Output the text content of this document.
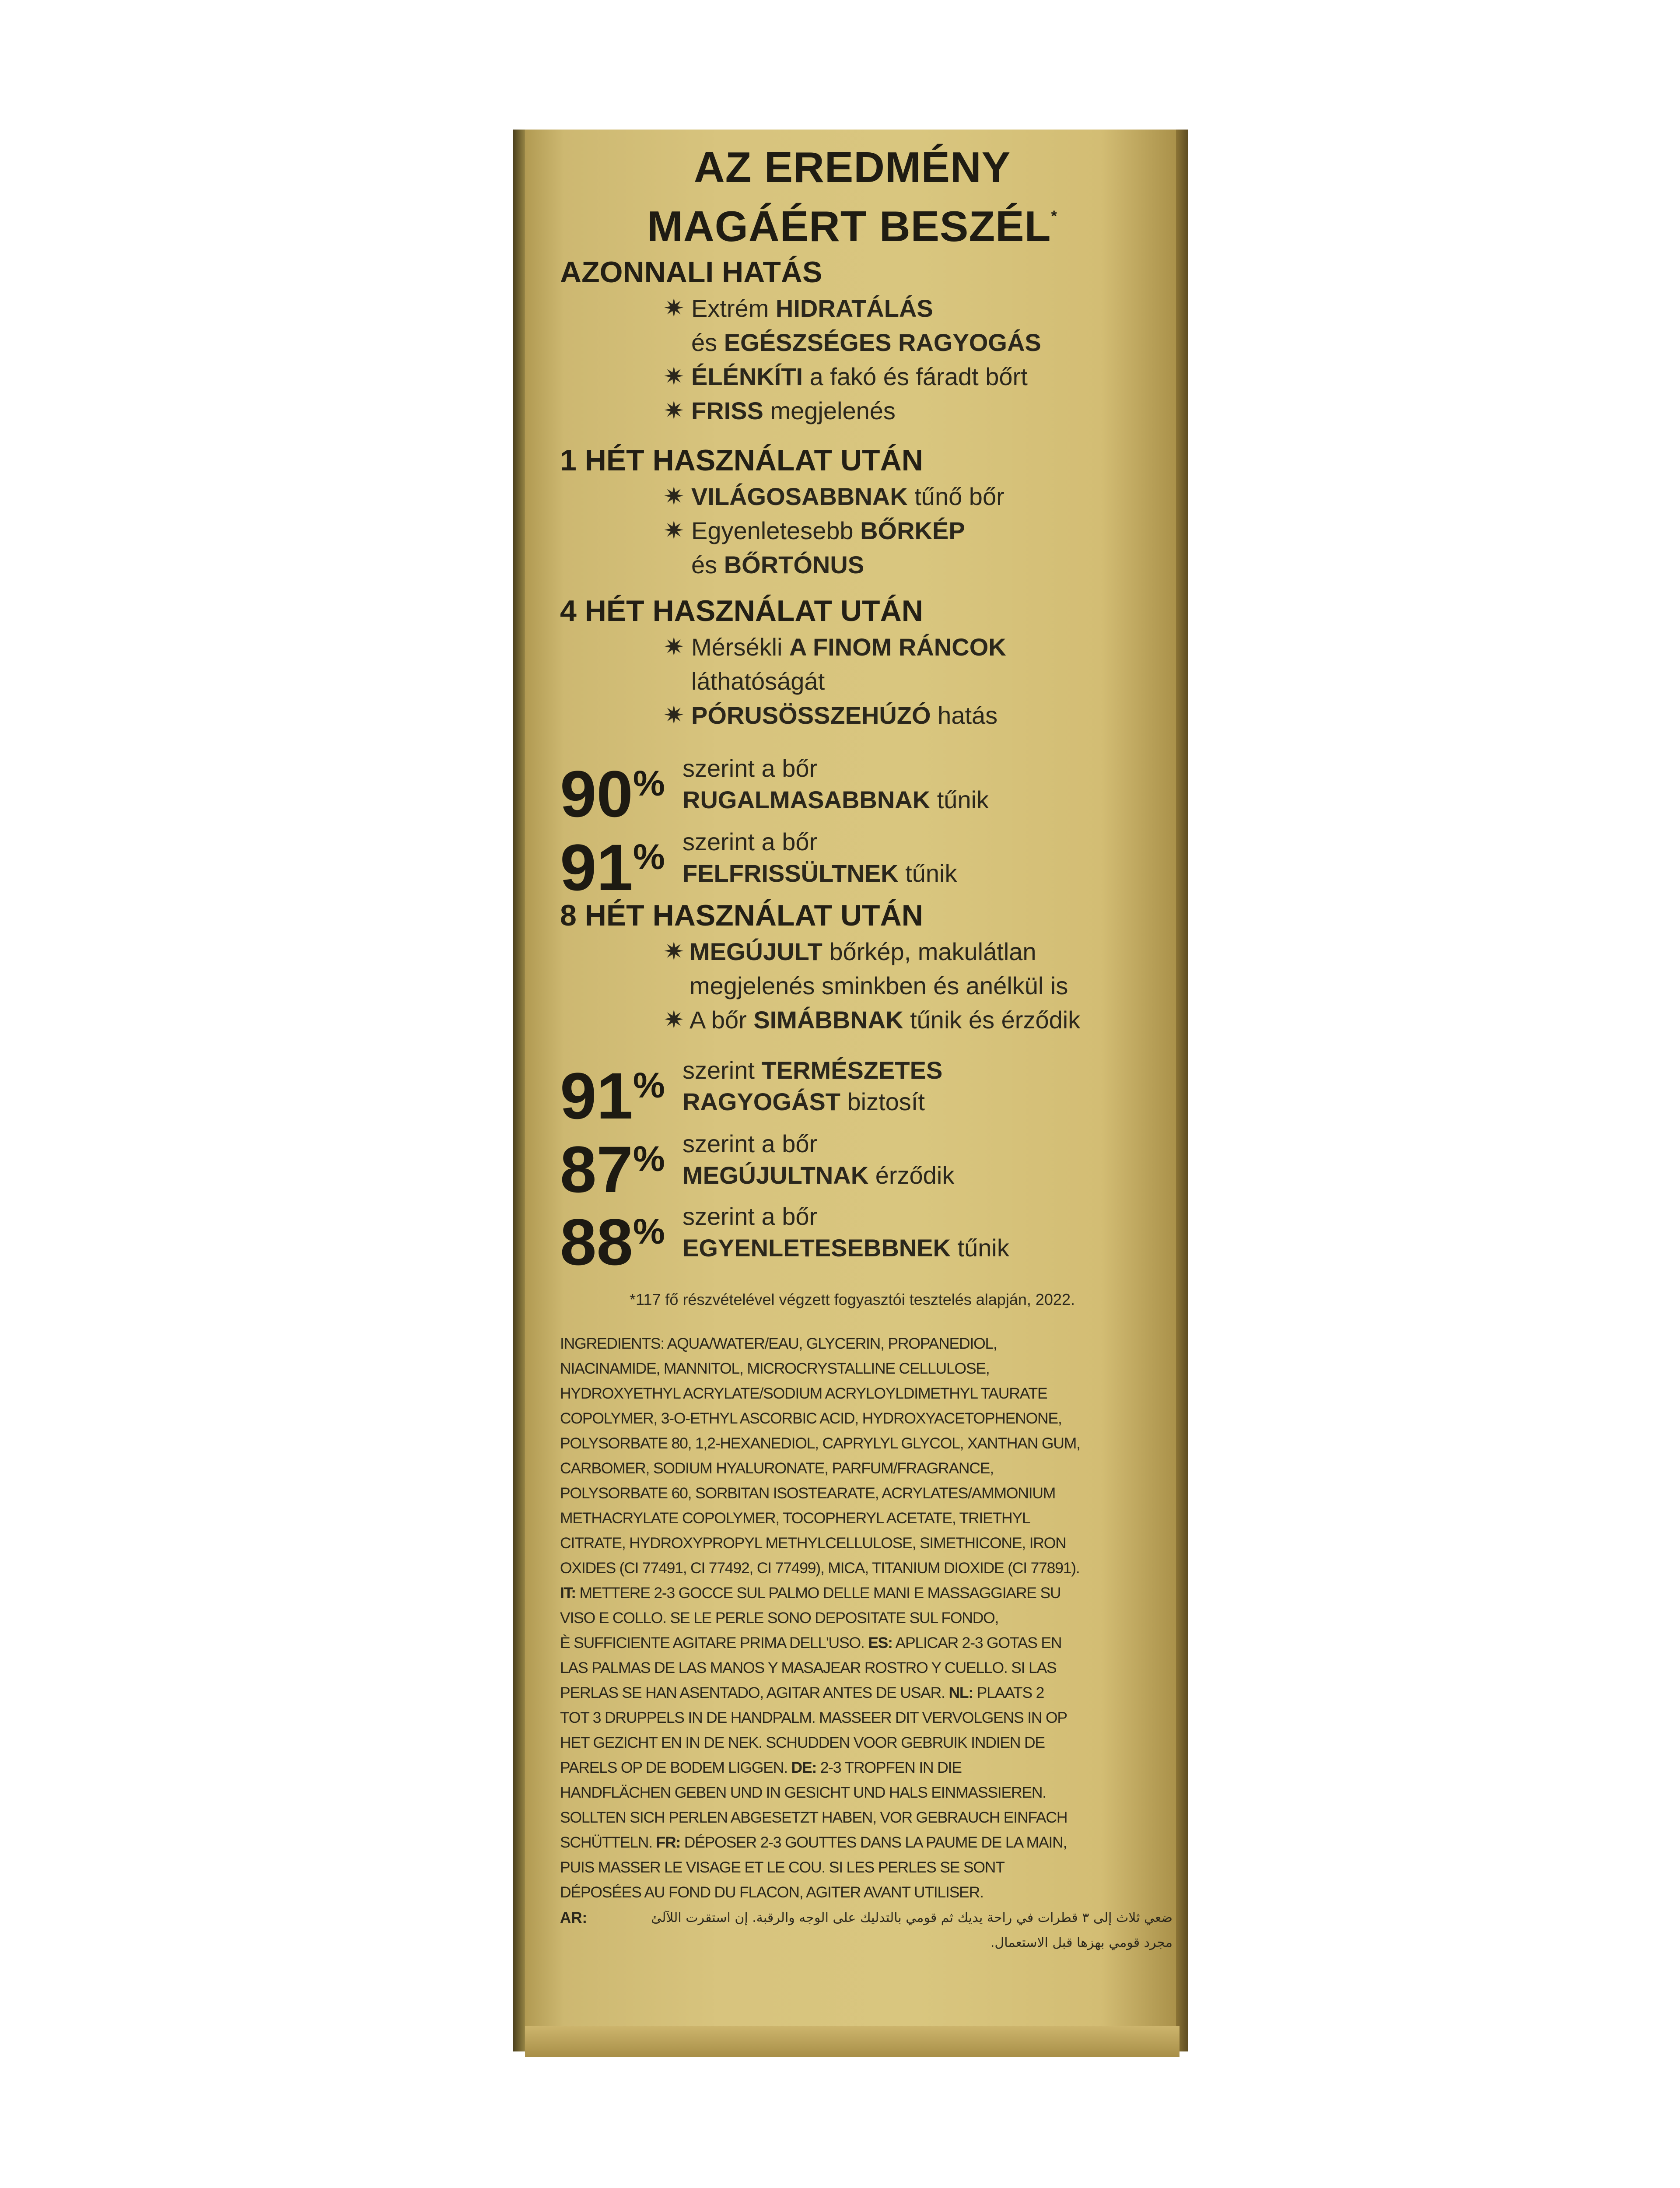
AZ EREDMÉNY
MAGÁÉRT BESZÉL*
AZONNALI HATÁS
✷ Extrém HIDRATÁLÁS
és EGÉSZSÉGES RAGYOGÁS
✷ ÉLÉNKÍTI a fakó és fáradt bőrt
✷ FRISS megjelenés
1 HÉT HASZNÁLAT UTÁN
✷ VILÁGOSABBNAK tűnő bőr
✷ Egyenletesebb BŐRKÉP
és BŐRTÓNUS
4 HÉT HASZNÁLAT UTÁN
✷ Mérsékli A FINOM RÁNCOK
láthatóságát
✷ PÓRUSÖSSZEHÚZÓ hatás
90% szerint a bőr
RUGALMASABBNAK tűnik
91% szerint a bőr
FELFRISSÜLTNEK tűnik
8 HÉT HASZNÁLAT UTÁN
✷ MEGÚJULT bőrkép, makulátlan
megjelenés sminkben és anélkül is
✷ A bőr SIMÁBBNAK tűnik és érződik
91% szerint TERMÉSZETES
RAGYOGÁST biztosít
87% szerint a bőr
MEGÚJULTNAK érződik
88% szerint a bőr
EGYENLETESEBBNEK tűnik
*117 fő részvételével végzett fogyasztói tesztelés alapján, 2022.
INGREDIENTS: AQUA/WATER/EAU, GLYCERIN, PROPANEDIOL,
NIACINAMIDE, MANNITOL, MICROCRYSTALLINE CELLULOSE,
HYDROXYETHYL ACRYLATE/SODIUM ACRYLOYLDIMETHYL TAURATE
COPOLYMER, 3-O-ETHYL ASCORBIC ACID, HYDROXYACETOPHENONE,
POLYSORBATE 80, 1,2-HEXANEDIOL, CAPRYLYL GLYCOL, XANTHAN GUM,
CARBOMER, SODIUM HYALURONATE, PARFUM/FRAGRANCE,
POLYSORBATE 60, SORBITAN ISOSTEARATE, ACRYLATES/AMMONIUM
METHACRYLATE COPOLYMER, TOCOPHERYL ACETATE, TRIETHYL
CITRATE, HYDROXYPROPYL METHYLCELLULOSE, SIMETHICONE, IRON
OXIDES (CI 77491, CI 77492, CI 77499), MICA, TITANIUM DIOXIDE (CI 77891).
IT: METTERE 2-3 GOCCE SUL PALMO DELLE MANI E MASSAGGIARE SU
VISO E COLLO. SE LE PERLE SONO DEPOSITATE SUL FONDO,
È SUFFICIENTE AGITARE PRIMA DELL'USO. ES: APLICAR 2-3 GOTAS EN
LAS PALMAS DE LAS MANOS Y MASAJEAR ROSTRO Y CUELLO. SI LAS
PERLAS SE HAN ASENTADO, AGITAR ANTES DE USAR. NL: PLAATS 2
TOT 3 DRUPPELS IN DE HANDPALM. MASSEER DIT VERVOLGENS IN OP
HET GEZICHT EN IN DE NEK. SCHUDDEN VOOR GEBRUIK INDIEN DE
PARELS OP DE BODEM LIGGEN. DE: 2-3 TROPFEN IN DIE
HANDFLÄCHEN GEBEN UND IN GESICHT UND HALS EINMASSIEREN.
SOLLTEN SICH PERLEN ABGESETZT HABEN, VOR GEBRAUCH EINFACH
SCHÜTTELN. FR: DÉPOSER 2-3 GOUTTES DANS LA PAUME DE LA MAIN,
PUIS MASSER LE VISAGE ET LE COU. SI LES PERLES SE SONT
DÉPOSÉES AU FOND DU FLACON, AGITER AVANT UTILISER.
AR:	ضعي ثلاث إلى ٣ قطرات في راحة يديك ثم قومي بالتدليك على الوجه والرقبة. إن استقرت اللآلئ
مجرد قومي بهزها قبل الاستعمال.
